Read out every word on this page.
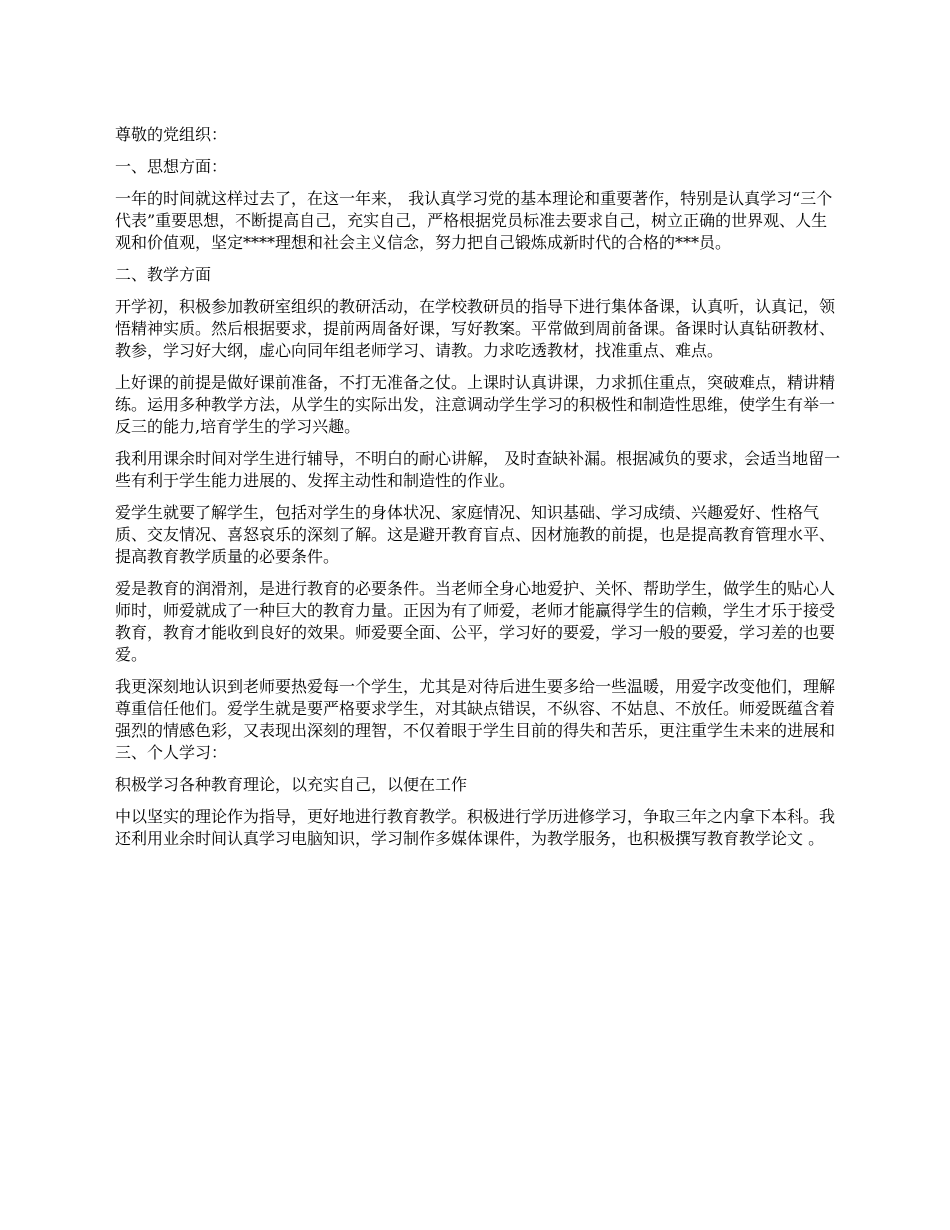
尊敬的党组织：

一、思想方面：

一年的时间就这样过去了，在这一年来， 我认真学习党的基本理论和重要著作，特别是认真学习“三个代表”重要思想，不断提高自己，充实自己，严格根据党员标准去要求自己，树立正确的世界观、人生观和价值观，坚定****理想和社会主义信念，努力把自己锻炼成新时代的合格的***员。

二、教学方面

开学初，积极参加教研室组织的教研活动，在学校教研员的指导下进行集体备课，认真听，认真记，领悟精神实质。然后根据要求，提前两周备好课，写好教案。平常做到周前备课。备课时认真钻研教材、教参，学习好大纲，虚心向同年组老师学习、请教。力求吃透教材，找准重点、难点。

上好课的前提是做好课前准备，不打无准备之仗。上课时认真讲课，力求抓住重点，突破难点，精讲精练。运用多种教学方法，从学生的实际出发，注意调动学生学习的积极性和制造性思维，使学生有举一反三的能力,培育学生的学习兴趣。

我利用课余时间对学生进行辅导，不明白的耐心讲解， 及时查缺补漏。根据减负的要求，会适当地留一些有利于学生能力进展的、发挥主动性和制造性的作业。

爱学生就要了解学生，包括对学生的身体状况、家庭情况、知识基础、学习成绩、兴趣爱好、性格气质、交友情况、喜怒哀乐的深刻了解。这是避开教育盲点、因材施教的前提，也是提高教育管理水平、提高教育教学质量的必要条件。

爱是教育的润滑剂，是进行教育的必要条件。当老师全身心地爱护、关怀、帮助学生，做学生的贴心人师时，师爱就成了一种巨大的教育力量。正因为有了师爱，老师才能赢得学生的信赖，学生才乐于接受教育，教育才能收到良好的效果。师爱要全面、公平，学习好的要爱，学习一般的要爱，学习差的也要爱。

我更深刻地认识到老师要热爱每一个学生，尤其是对待后进生要多给一些温暖，用爱字改变他们，理解尊重信任他们。爱学生就是要严格要求学生，对其缺点错误，不纵容、不姑息、不放任。师爱既蕴含着强烈的情感色彩，又表现出深刻的理智，不仅着眼于学生目前的得失和苦乐，更注重学生未来的进展和三、个人学习：

积极学习各种教育理论，以充实自己，以便在工作

中以坚实的理论作为指导，更好地进行教育教学。积极进行学历进修学习，争取三年之内拿下本科。我还利用业余时间认真学习电脑知识，学习制作多媒体课件，为教学服务，也积极撰写教育教学论文 。
